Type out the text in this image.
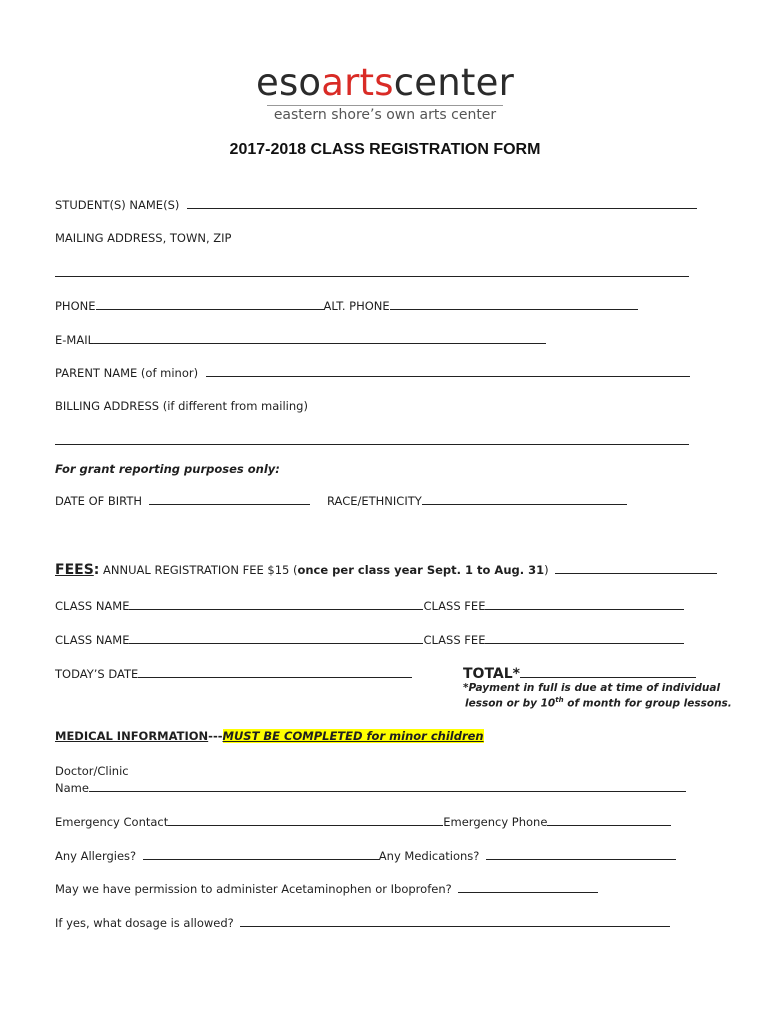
esoartscenter
eastern shore’s own arts center
2017-2018 CLASS REGISTRATION FORM
STUDENT(S) NAME(S)
MAILING ADDRESS, TOWN, ZIP
PHONE	ALT. PHONE
E-MAIL
PARENT NAME (of minor)
BILLING ADDRESS (if different from mailing)
For grant reporting purposes only:
DATE OF BIRTH	RACE/ETHNICITY
FEES: ANNUAL REGISTRATION FEE $15 (once per class year Sept. 1 to Aug. 31)
CLASS NAME	CLASS FEE
CLASS NAME	CLASS FEE
TODAY’S DATE	TOTAL*
*Payment in full is due at time of individual
lesson or by 10th of month for group lessons.
MEDICAL INFORMATION---MUST BE COMPLETED for minor children
Doctor/Clinic
Name
Emergency Contact	Emergency Phone
Any Allergies?	Any Medications?
May we have permission to administer Acetaminophen or Iboprofen?
If yes, what dosage is allowed?
